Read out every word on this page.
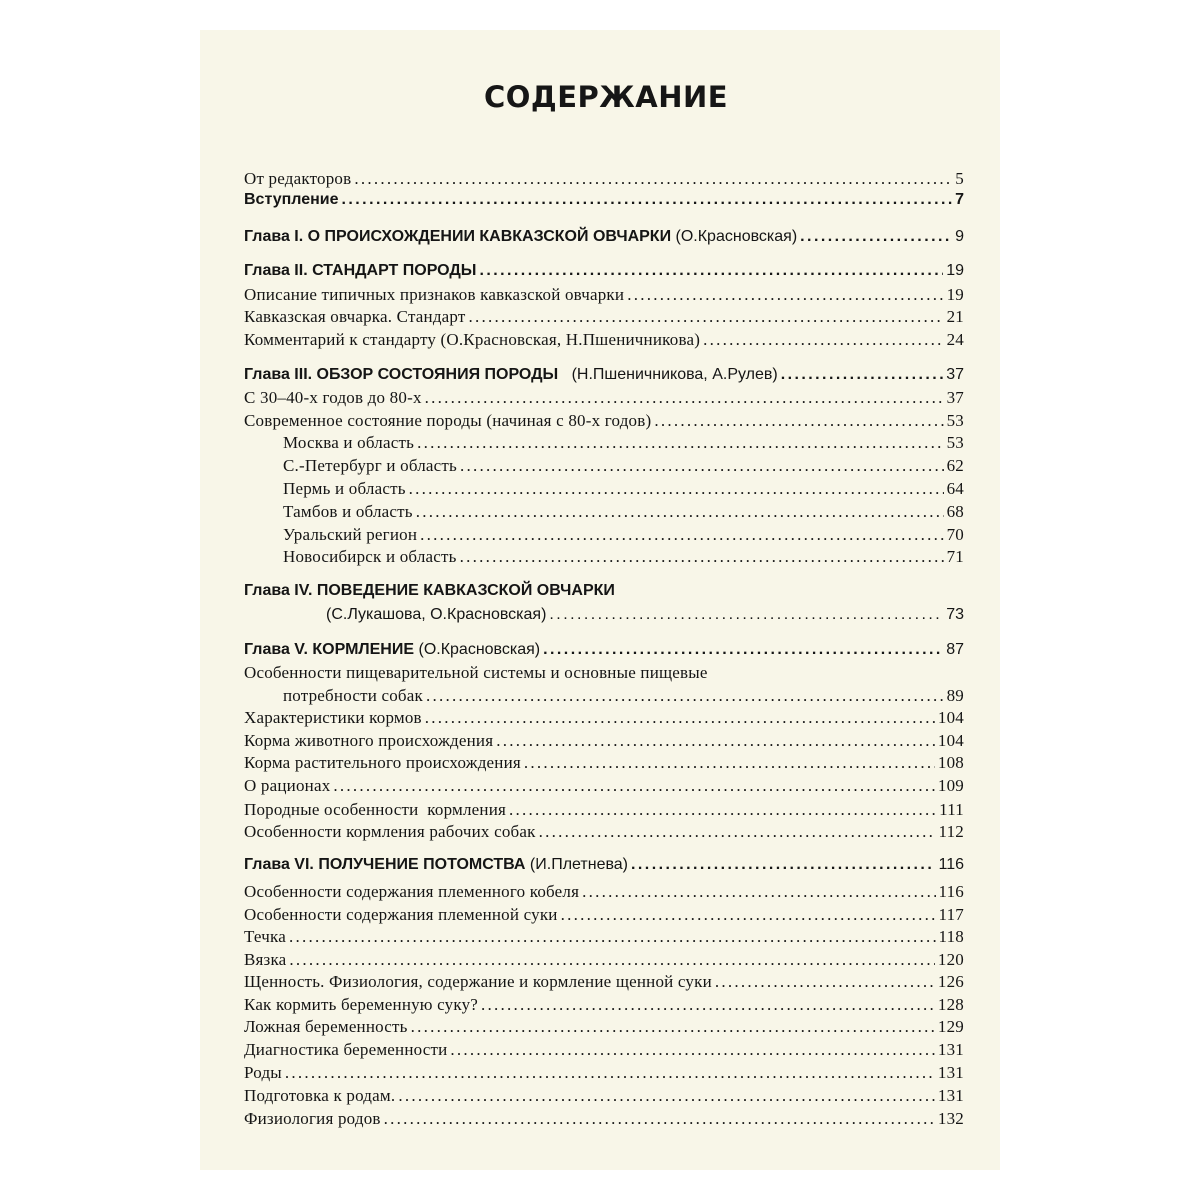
СОДЕРЖАНИЕ
От редакторов . . .	5
Вступление . . .	7
Глава I. О ПРОИСХОЖДЕНИИ КАВКАЗСКОЙ ОВЧАРКИ (О.Красновская) . . .	9
Глава II. СТАНДАРТ ПОРОДЫ . . .	19
Описание типичных признаков кавказской овчарки . . .	19
Кавказская овчарка. Стандарт . . .	21
Комментарий к стандарту (О.Красновская, Н.Пшеничникова) . . .	24
Глава III. ОБЗОР СОСТОЯНИЯ ПОРОДЫ (Н.Пшеничникова, А.Рулев) . . .	37
С 30–40-х годов до 80-х . . .	37
Современное состояние породы (начиная с 80-х годов) . . .	53
Москва и область . . .	53
С.-Петербург и область . . .	62
Пермь и область . . .	64
Тамбов и область . . .	68
Уральский регион . . .	70
Новосибирск и область . . .	71
Глава IV. ПОВЕДЕНИЕ КАВКАЗСКОЙ ОВЧАРКИ
(С.Лукашова, О.Красновская) . . .	73
Глава V. КОРМЛЕНИЕ (О.Красновская) . . .	87
Особенности пищеварительной системы и основные пищевые
потребности собак . . .	89
Характеристики кормов . . .	104
Корма животного происхождения . . .	104
Корма растительного происхождения . . .	108
О рационах . . .	109
Породные особенности  кормления . . .	111
Особенности кормления рабочих собак . . .	112
Глава VI. ПОЛУЧЕНИЕ ПОТОМСТВА (И.Плетнева) . . .	116
Особенности содержания племенного кобеля . . .	116
Особенности содержания племенной суки . . .	117
Течка . . .	118
Вязка . . .	120
Щенность. Физиология, содержание и кормление щенной суки . . .	126
Как кормить беременную суку? . . .	128
Ложная беременность . . .	129
Диагностика беременности . . .	131
Роды . . .	131
Подготовка к родам. . . .	131
Физиология родов . . .	132
